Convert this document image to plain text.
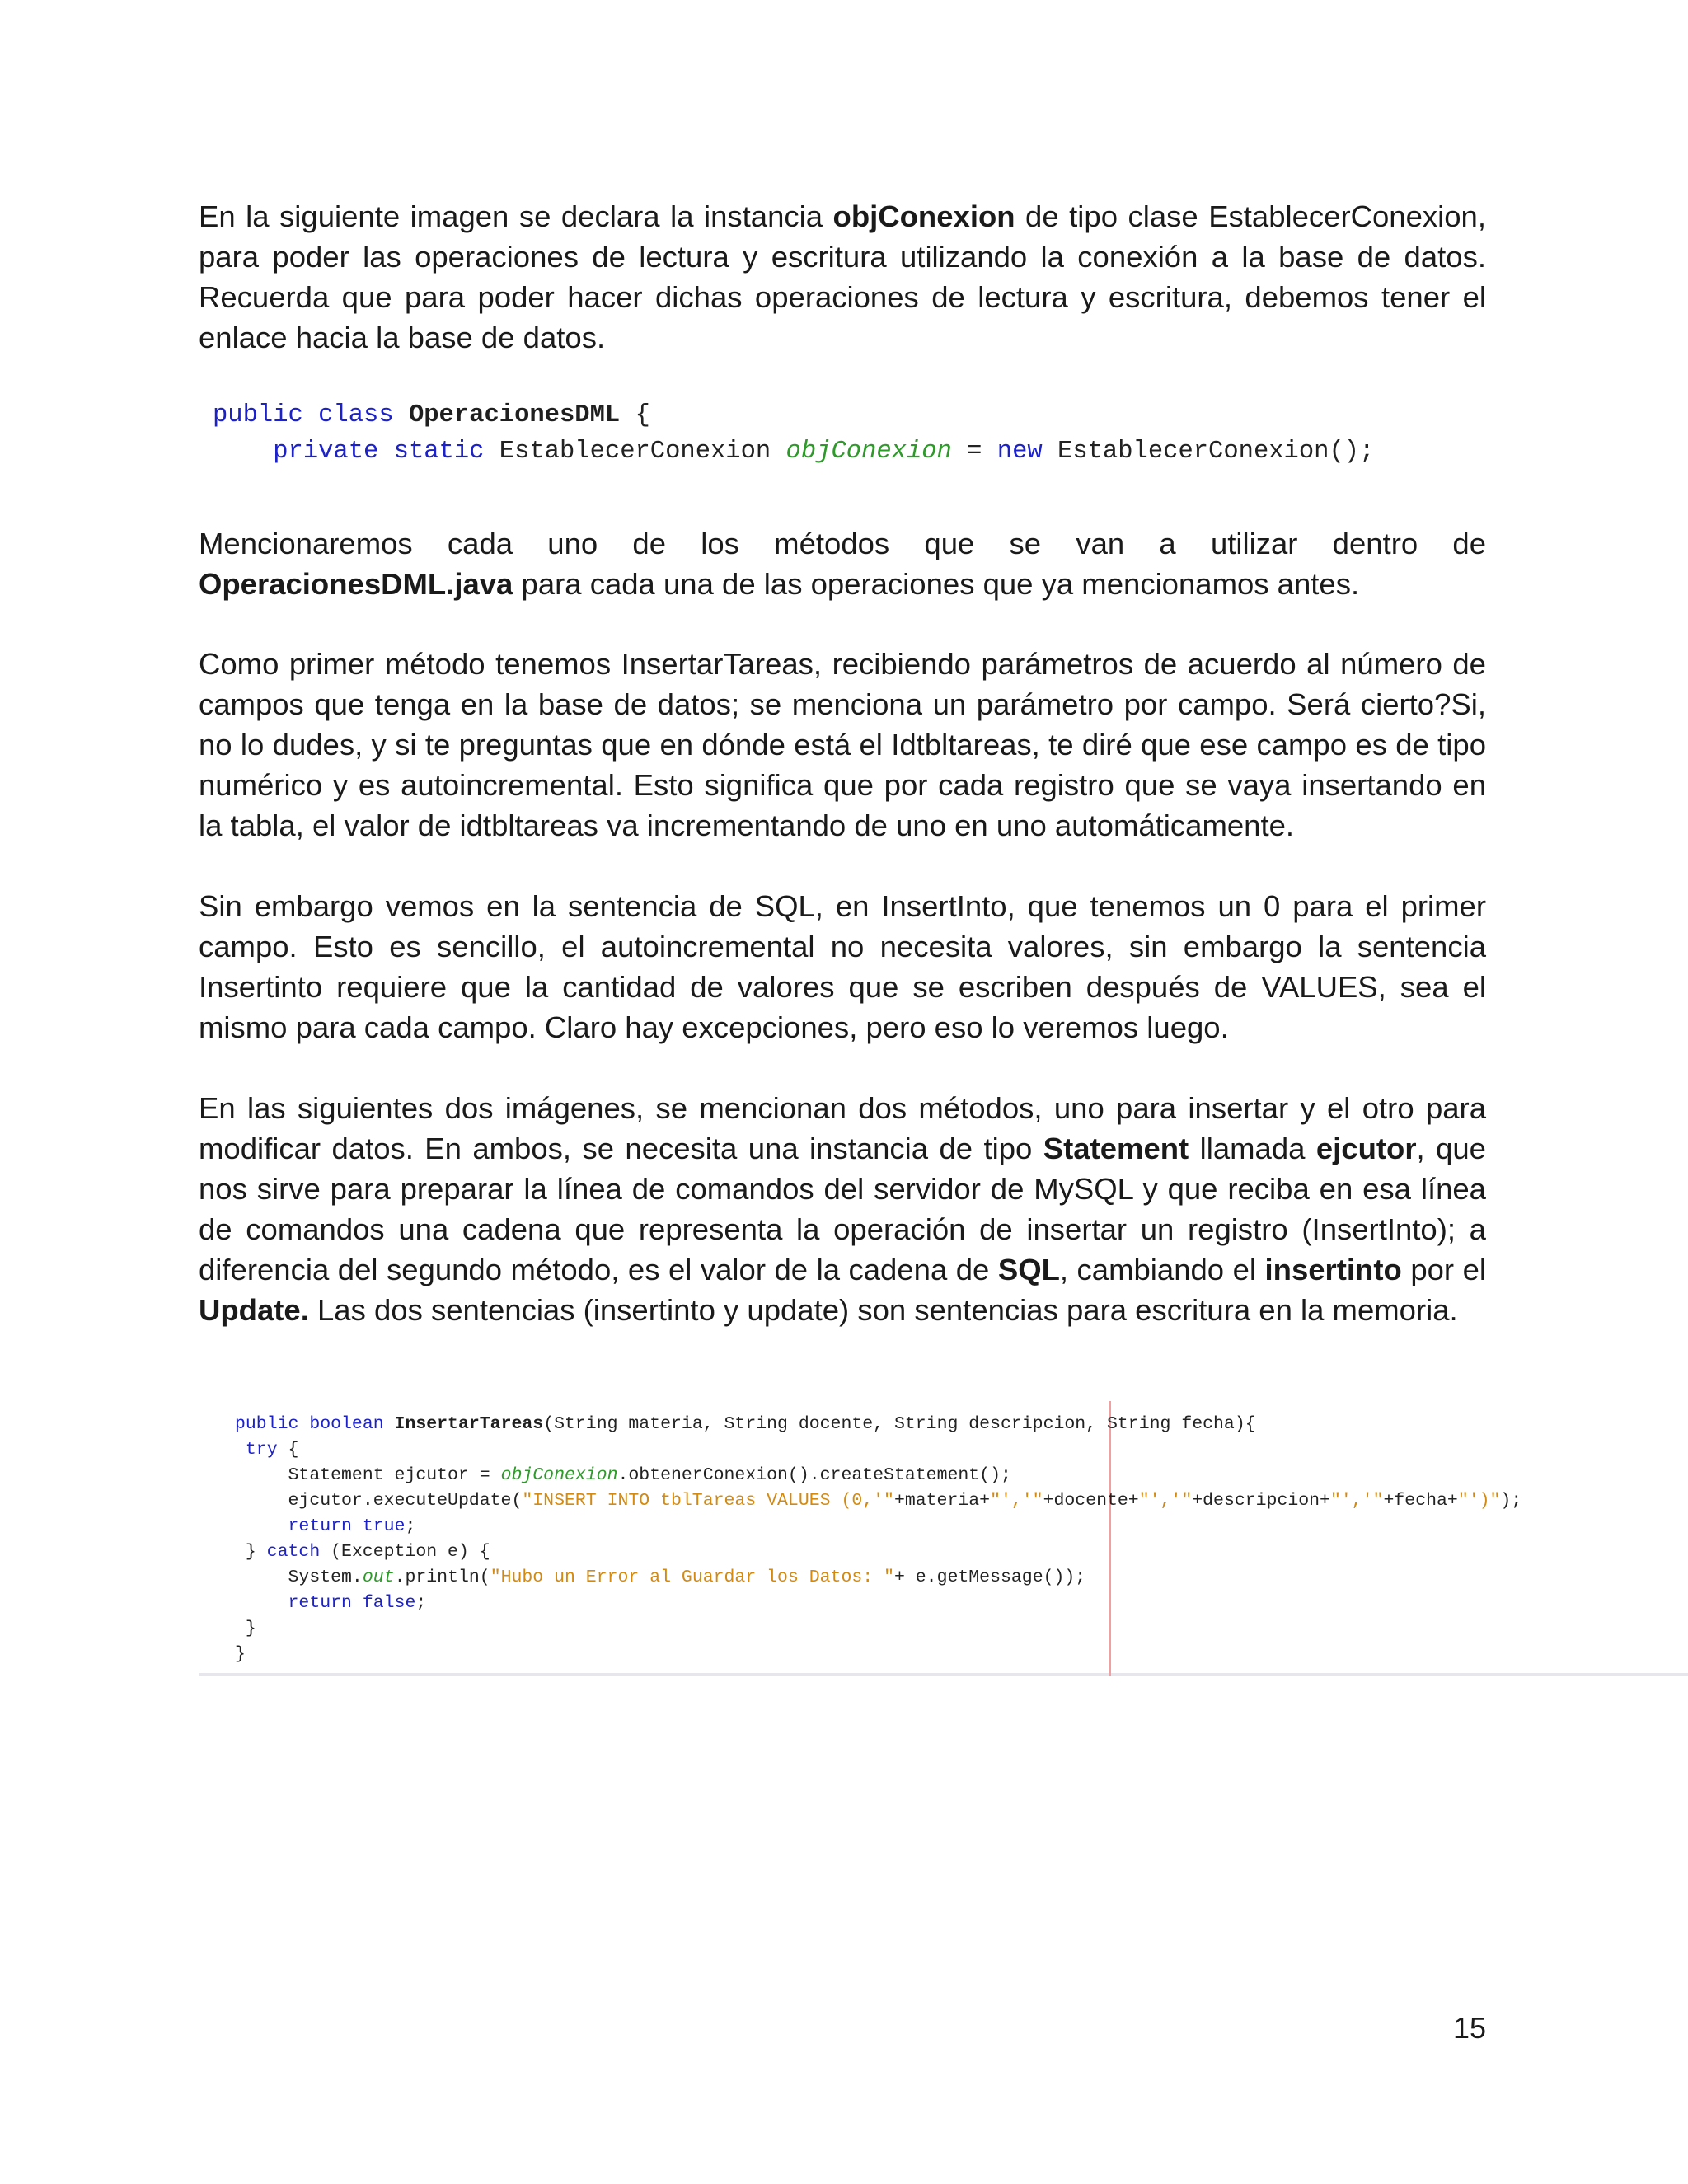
En la siguiente imagen se declara la instancia objConexion de tipo clase EstablecerConexion, para poder las operaciones de lectura y escritura utilizando la conexión a la base de datos. Recuerda que para poder hacer dichas operaciones de lectura y escritura, debemos tener el enlace hacia la base de datos.

public class OperacionesDML {
private static EstablecerConexion objConexion = new EstablecerConexion();

Mencionaremos cada uno de los métodos que se van a utilizar dentro de OperacionesDML.java para cada una de las operaciones que ya mencionamos antes.

Como primer método tenemos InsertarTareas, recibiendo parámetros de acuerdo al número de campos que tenga en la base de datos; se menciona un parámetro por campo. Será cierto?Si, no lo dudes, y si te preguntas que en dónde está el Idtbltareas, te diré que ese campo es de tipo numérico y es autoincremental. Esto significa que por cada registro que se vaya insertando en la tabla, el valor de idtbltareas va incrementando de uno en uno automáticamente.

Sin embargo vemos en la sentencia de SQL, en InsertInto, que tenemos un 0 para el primer campo. Esto es sencillo, el autoincremental no necesita valores, sin embargo la sentencia Insertinto requiere que la cantidad de valores que se escriben después de VALUES, sea el mismo para cada campo. Claro hay excepciones, pero eso lo veremos luego.

En las siguientes dos imágenes, se mencionan dos métodos, uno para insertar y el otro para modificar datos. En ambos, se necesita una instancia de tipo Statement llamada ejcutor, que nos sirve para preparar la línea de comandos del servidor de MySQL y que reciba en esa línea de comandos una cadena que representa la operación de insertar un registro (InsertInto); a diferencia del segundo método, es el valor de la cadena de SQL, cambiando el insertinto por el Update. Las dos sentencias (insertinto y update) son sentencias para escritura en la memoria.

public boolean InsertarTareas(String materia, String docente, String descripcion, String fecha){
try {
Statement ejcutor = objConexion.obtenerConexion().createStatement();
ejcutor.executeUpdate("INSERT INTO tblTareas VALUES (0,'"+materia+"','"+docente+"','"+descripcion+"','"+fecha+"')");
return true;
} catch (Exception e) {
System.out.println("Hubo un Error al Guardar los Datos: "+ e.getMessage());
return false;
}
}
15
